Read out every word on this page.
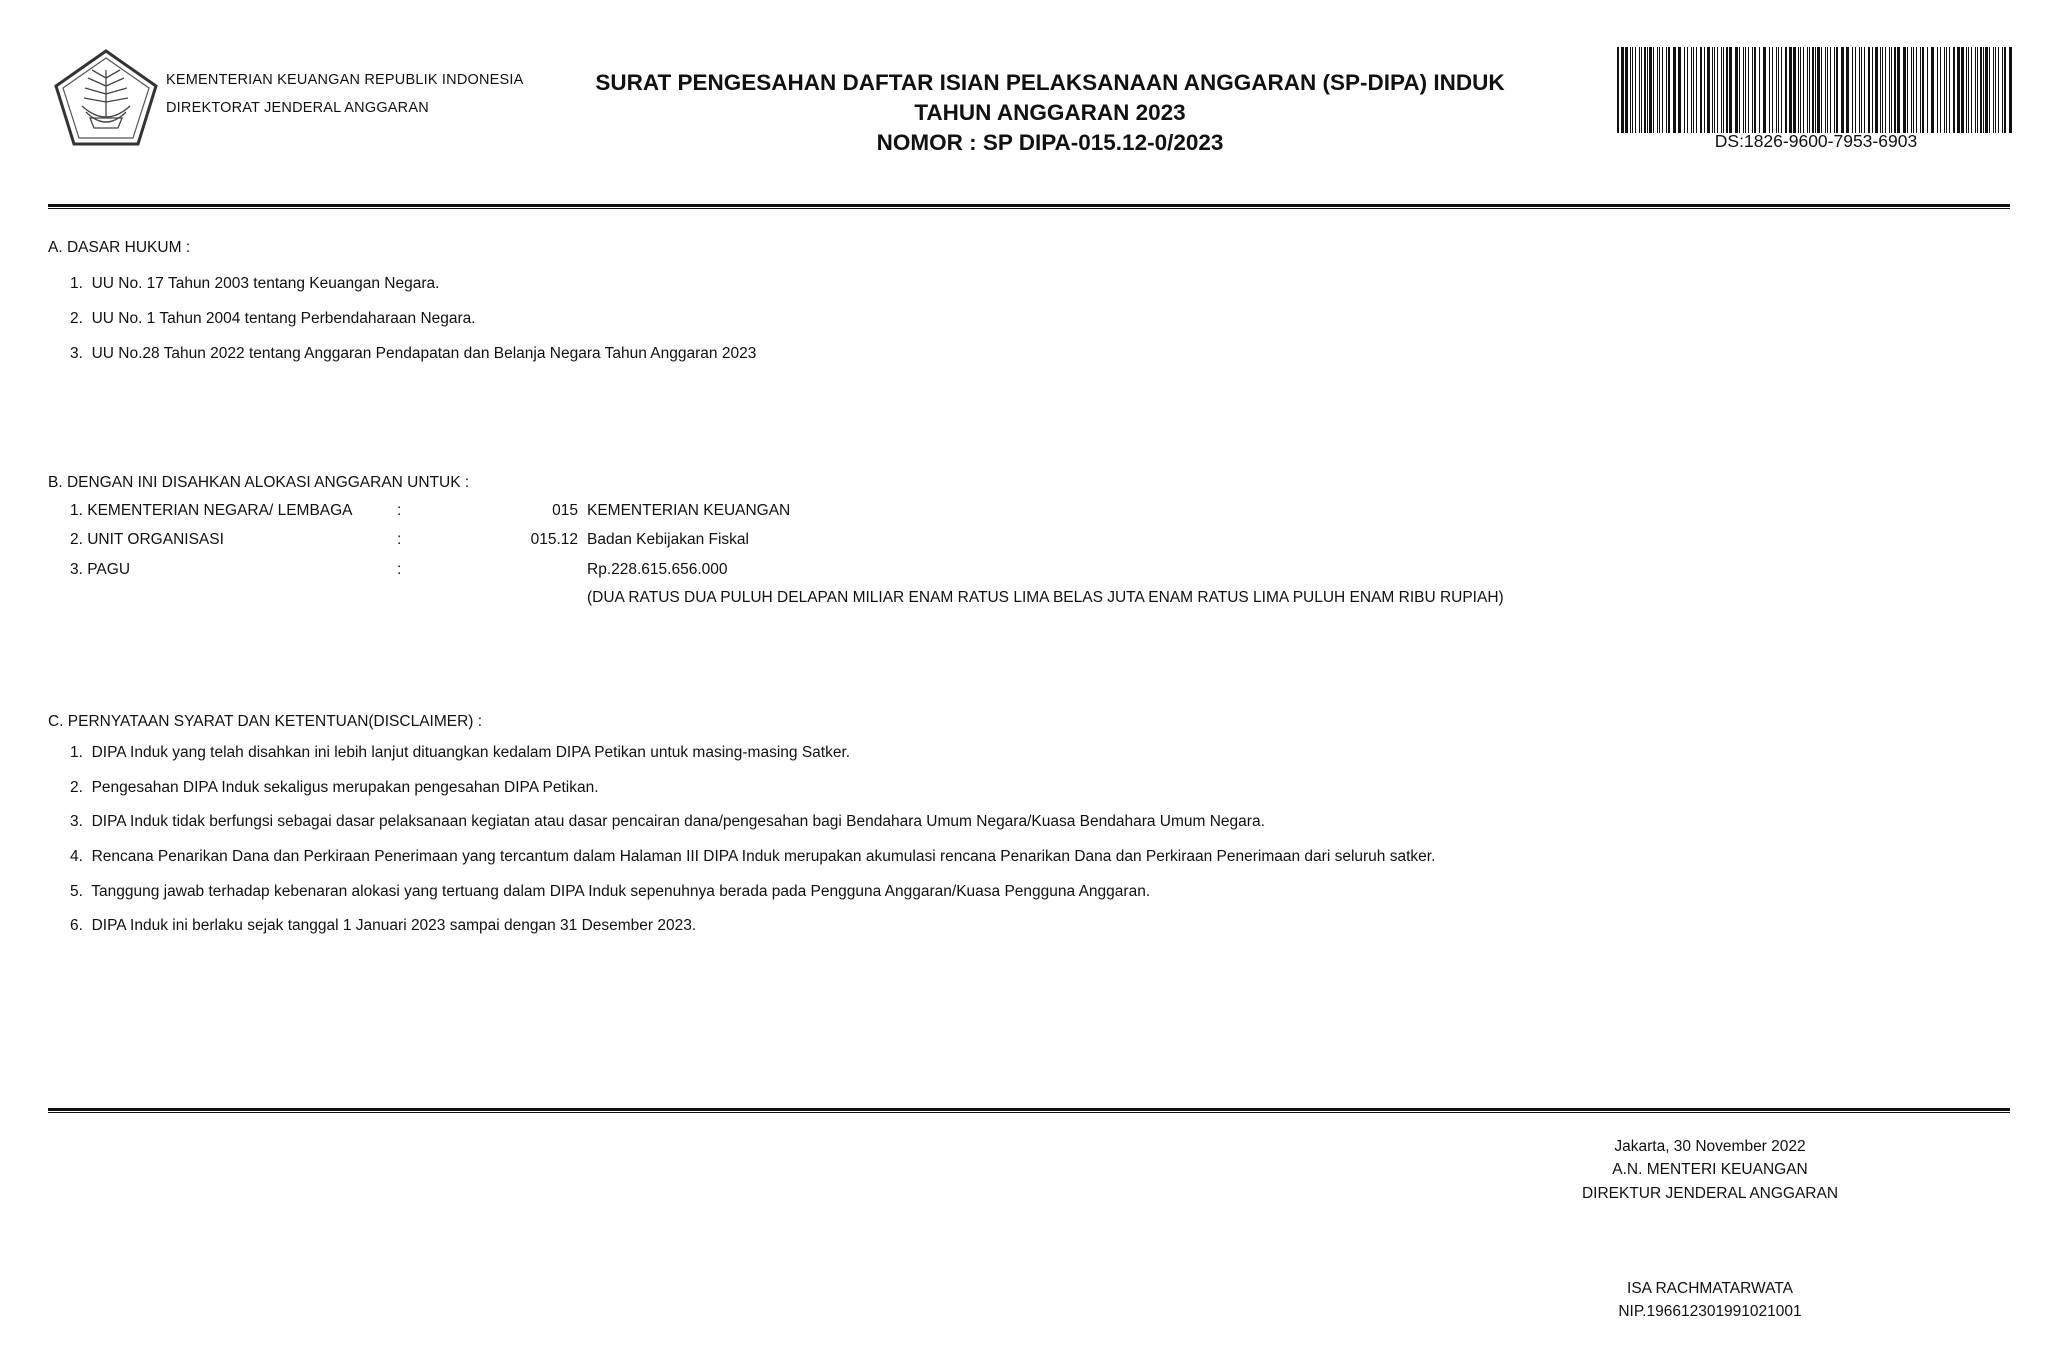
KEMENTERIAN KEUANGAN REPUBLIK INDONESIA
DIREKTORAT JENDERAL ANGGARAN
SURAT PENGESAHAN DAFTAR ISIAN PELAKSANAAN ANGGARAN (SP-DIPA) INDUK
TAHUN ANGGARAN 2023
NOMOR : SP DIPA-015.12-0/2023	DS:1826-9600-7953-6903
A. DASAR HUKUM :
1. UU No. 17 Tahun 2003 tentang Keuangan Negara.
2. UU No. 1 Tahun 2004 tentang Perbendaharaan Negara.
3. UU No.28 Tahun 2022 tentang Anggaran Pendapatan dan Belanja Negara Tahun Anggaran 2023
B. DENGAN INI DISAHKAN ALOKASI ANGGARAN UNTUK :
1. KEMENTERIAN NEGARA/ LEMBAGA	:	015 KEMENTERIAN KEUANGAN
2. UNIT ORGANISASI	:	015.12 Badan Kebijakan Fiskal
3. PAGU	:	Rp.228.615.656.000
(DUA RATUS DUA PULUH DELAPAN MILIAR ENAM RATUS LIMA BELAS JUTA ENAM RATUS LIMA PULUH ENAM RIBU RUPIAH)
C. PERNYATAAN SYARAT DAN KETENTUAN(DISCLAIMER) :
1. DIPA Induk yang telah disahkan ini lebih lanjut dituangkan kedalam DIPA Petikan untuk masing-masing Satker.
2. Pengesahan DIPA Induk sekaligus merupakan pengesahan DIPA Petikan.
3. DIPA Induk tidak berfungsi sebagai dasar pelaksanaan kegiatan atau dasar pencairan dana/pengesahan bagi Bendahara Umum Negara/Kuasa Bendahara Umum Negara.
4. Rencana Penarikan Dana dan Perkiraan Penerimaan yang tercantum dalam Halaman III DIPA Induk merupakan akumulasi rencana Penarikan Dana dan Perkiraan Penerimaan dari seluruh satker.
5. Tanggung jawab terhadap kebenaran alokasi yang tertuang dalam DIPA Induk sepenuhnya berada pada Pengguna Anggaran/Kuasa Pengguna Anggaran.
6. DIPA Induk ini berlaku sejak tanggal 1 Januari 2023 sampai dengan 31 Desember 2023.
Jakarta, 30 November 2022
A.N. MENTERI KEUANGAN
DIREKTUR JENDERAL ANGGARAN
ISA RACHMATARWATA
NIP.196612301991021001
